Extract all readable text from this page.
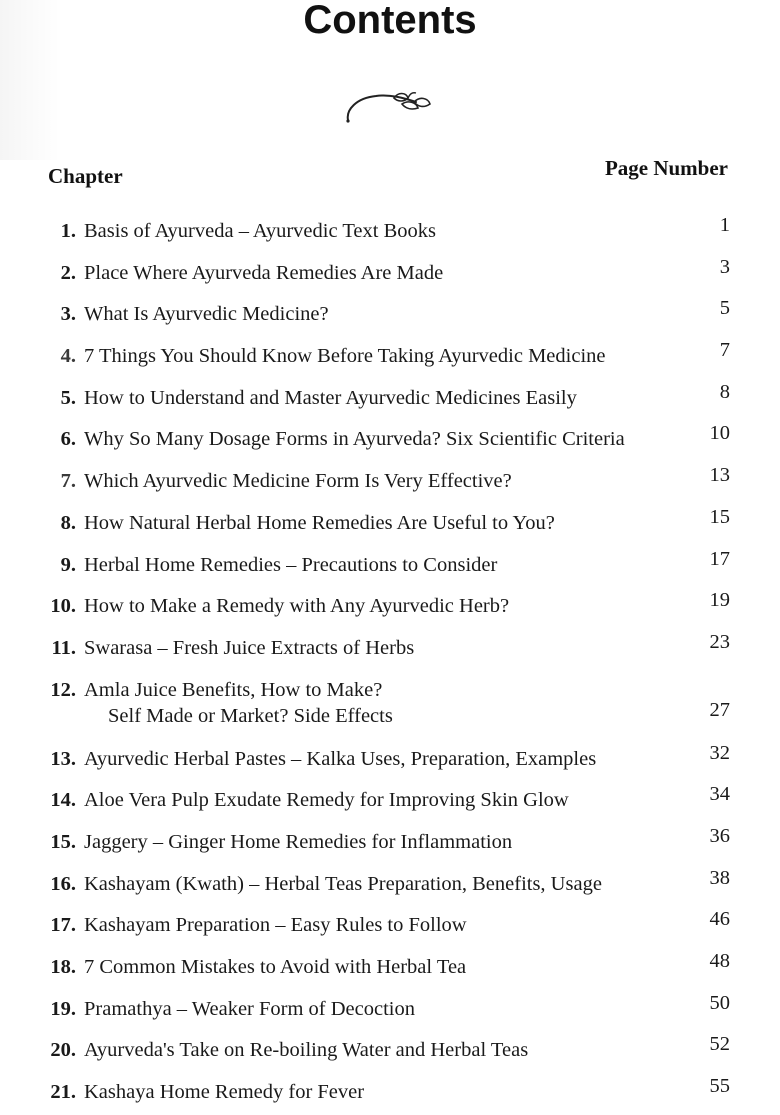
Contents
Chapter	Page Number
1. Basis of Ayurveda – Ayurvedic Text Books	1
2. Place Where Ayurveda Remedies Are Made	3
3. What Is Ayurvedic Medicine?	5
4. 7 Things You Should Know Before Taking Ayurvedic Medicine	7
5. How to Understand and Master Ayurvedic Medicines Easily	8
6. Why So Many Dosage Forms in Ayurveda? Six Scientific Criteria	10
7. Which Ayurvedic Medicine Form Is Very Effective?	13
8. How Natural Herbal Home Remedies Are Useful to You?	15
9. Herbal Home Remedies – Precautions to Consider	17
10. How to Make a Remedy with Any Ayurvedic Herb?	19
11. Swarasa – Fresh Juice Extracts of Herbs	23
12. Amla Juice Benefits, How to Make?
Self Made or Market? Side Effects	27
13. Ayurvedic Herbal Pastes – Kalka Uses, Preparation, Examples	32
14. Aloe Vera Pulp Exudate Remedy for Improving Skin Glow	34
15. Jaggery – Ginger Home Remedies for Inflammation	36
16. Kashayam (Kwath) – Herbal Teas Preparation, Benefits, Usage	38
17. Kashayam Preparation – Easy Rules to Follow	46
18. 7 Common Mistakes to Avoid with Herbal Tea	48
19. Pramathya – Weaker Form of Decoction	50
20. Ayurveda's Take on Re-boiling Water and Herbal Teas	52
21. Kashaya Home Remedy for Fever	55
